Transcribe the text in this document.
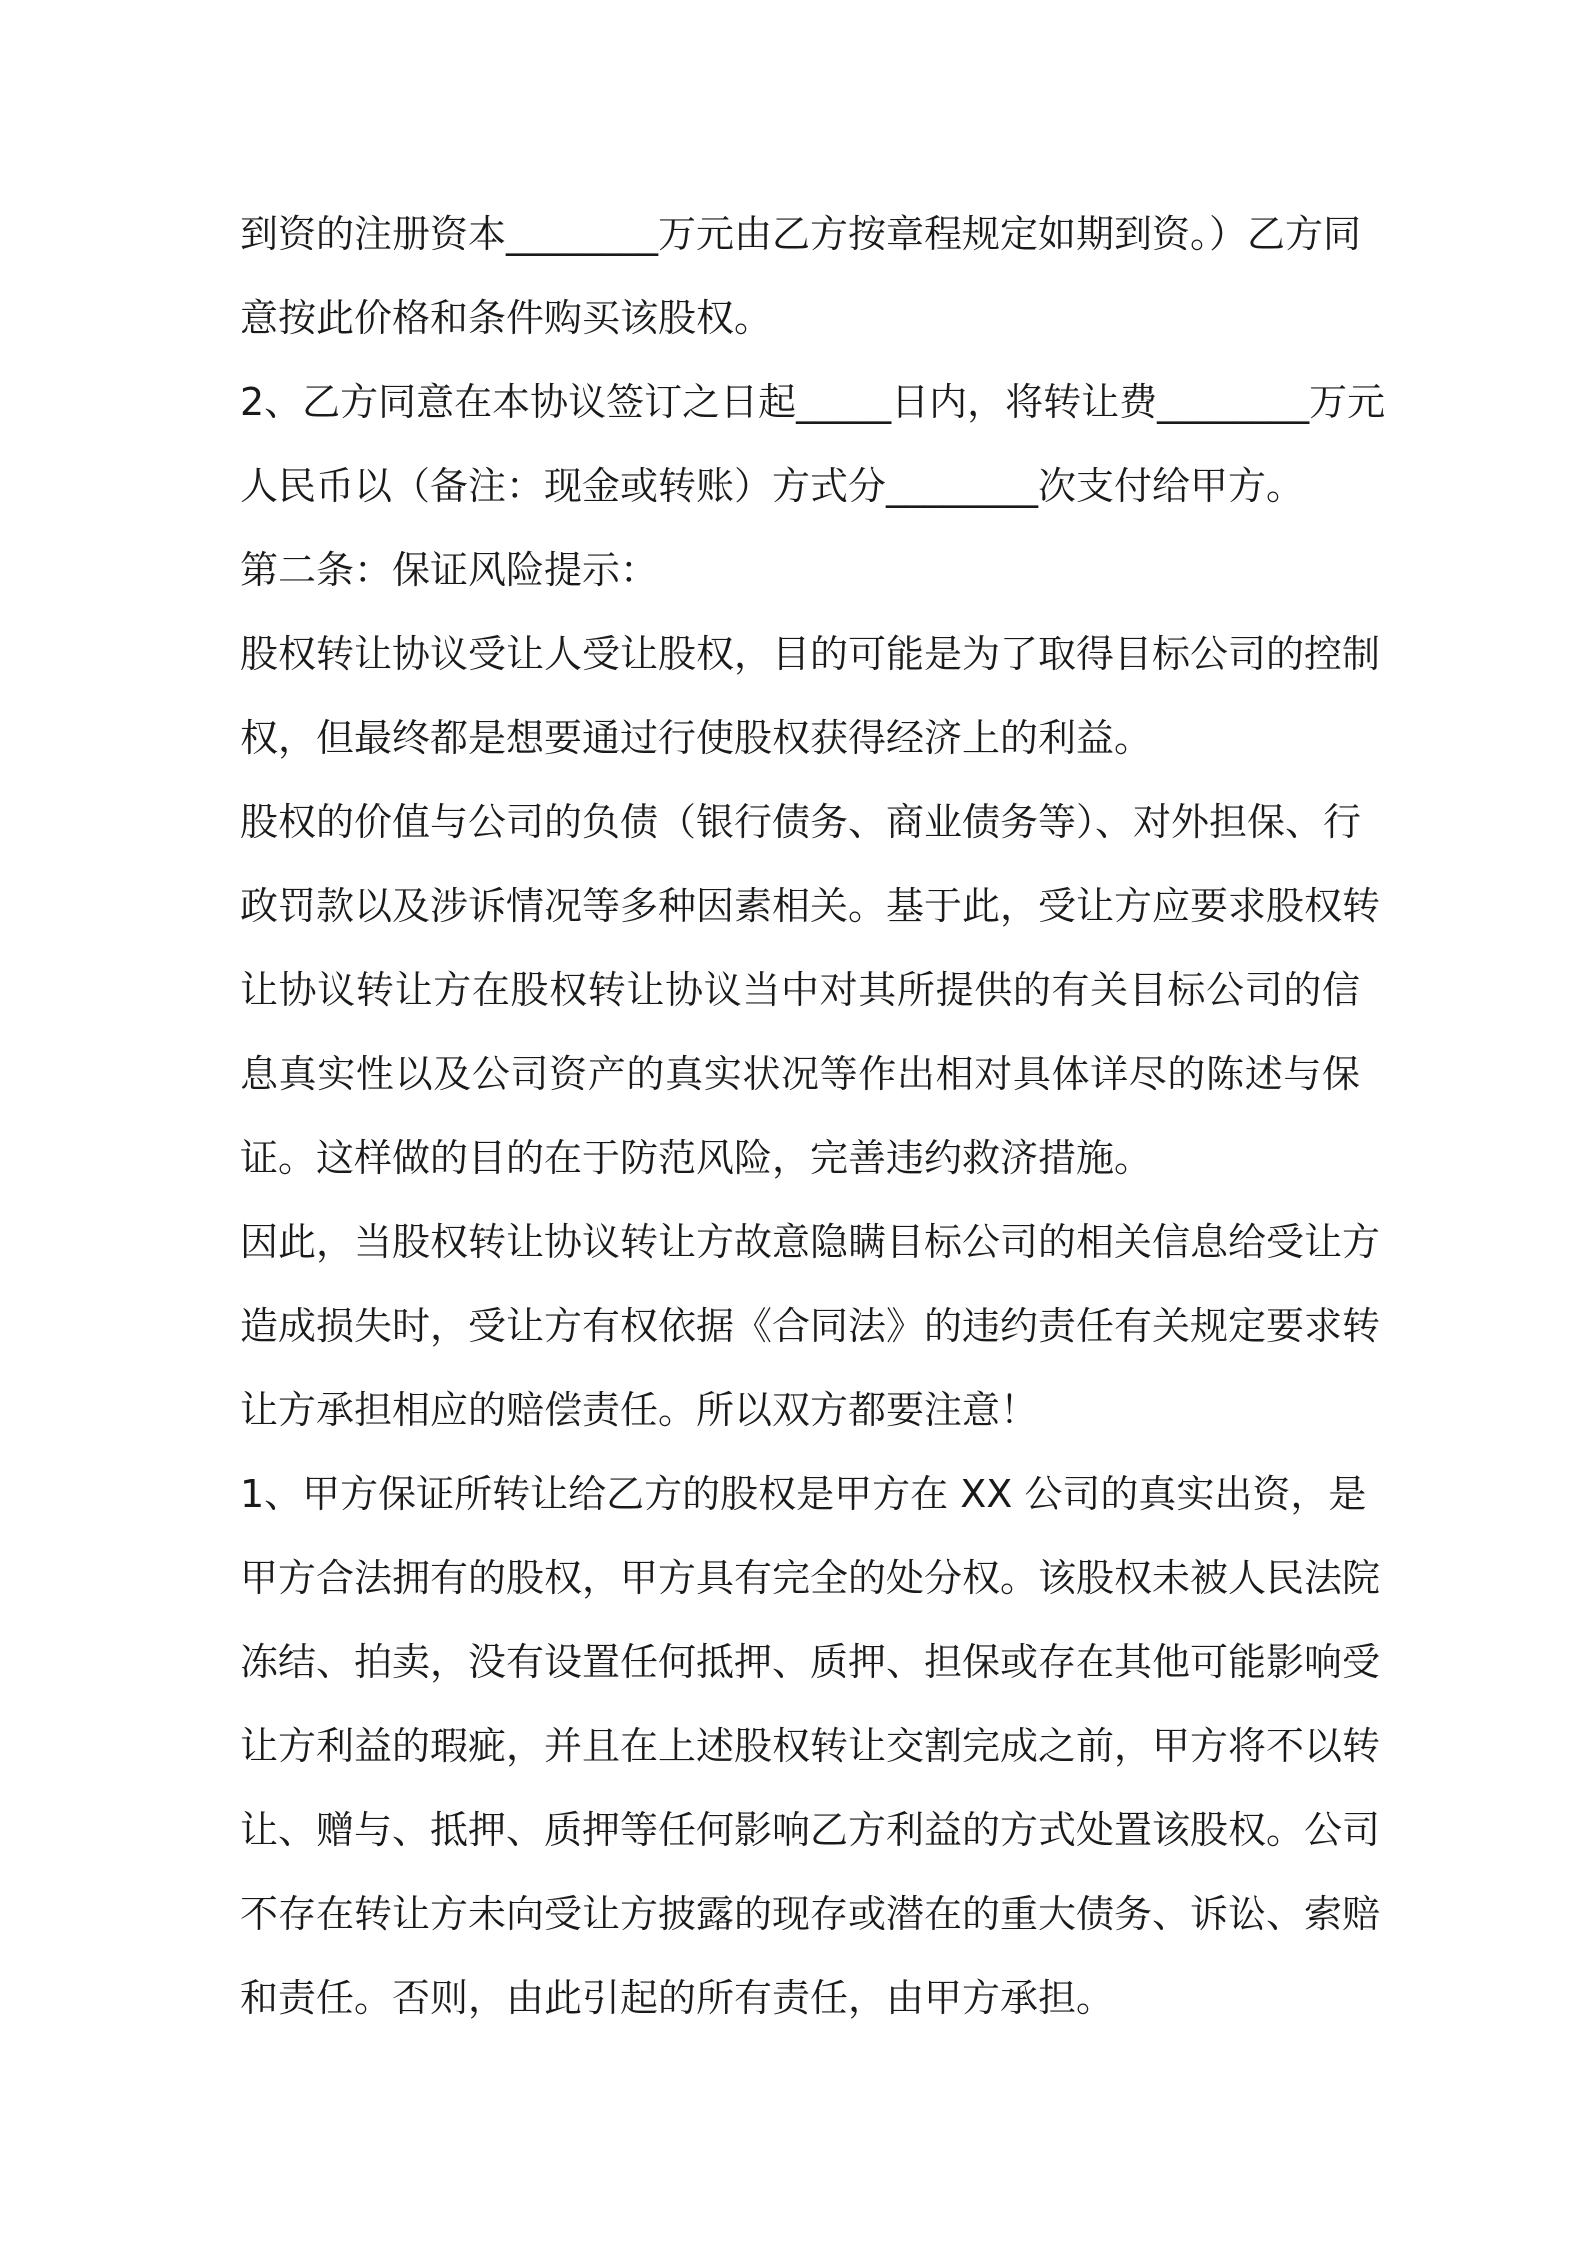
到资的注册资本________万元由乙方按章程规定如期到资。）乙方同
意按此价格和条件购买该股权。
2、乙方同意在本协议签订之日起_____日内，将转让费________万元
人民币以（备注：现金或转账）方式分________次支付给甲方。
第二条：保证风险提示：
股权转让协议受让人受让股权，目的可能是为了取得目标公司的控制
权，但最终都是想要通过行使股权获得经济上的利益。
股权的价值与公司的负债（银行债务、商业债务等）、对外担保、行
政罚款以及涉诉情况等多种因素相关。基于此，受让方应要求股权转
让协议转让方在股权转让协议当中对其所提供的有关目标公司的信
息真实性以及公司资产的真实状况等作出相对具体详尽的陈述与保
证。这样做的目的在于防范风险，完善违约救济措施。
因此，当股权转让协议转让方故意隐瞒目标公司的相关信息给受让方
造成损失时，受让方有权依据《合同法》的违约责任有关规定要求转
让方承担相应的赔偿责任。所以双方都要注意！
1、甲方保证所转让给乙方的股权是甲方在 XX 公司的真实出资，是
甲方合法拥有的股权，甲方具有完全的处分权。该股权未被人民法院
冻结、拍卖，没有设置任何抵押、质押、担保或存在其他可能影响受
让方利益的瑕疵，并且在上述股权转让交割完成之前，甲方将不以转
让、赠与、抵押、质押等任何影响乙方利益的方式处置该股权。公司
不存在转让方未向受让方披露的现存或潜在的重大债务、诉讼、索赔
和责任。否则，由此引起的所有责任，由甲方承担。
